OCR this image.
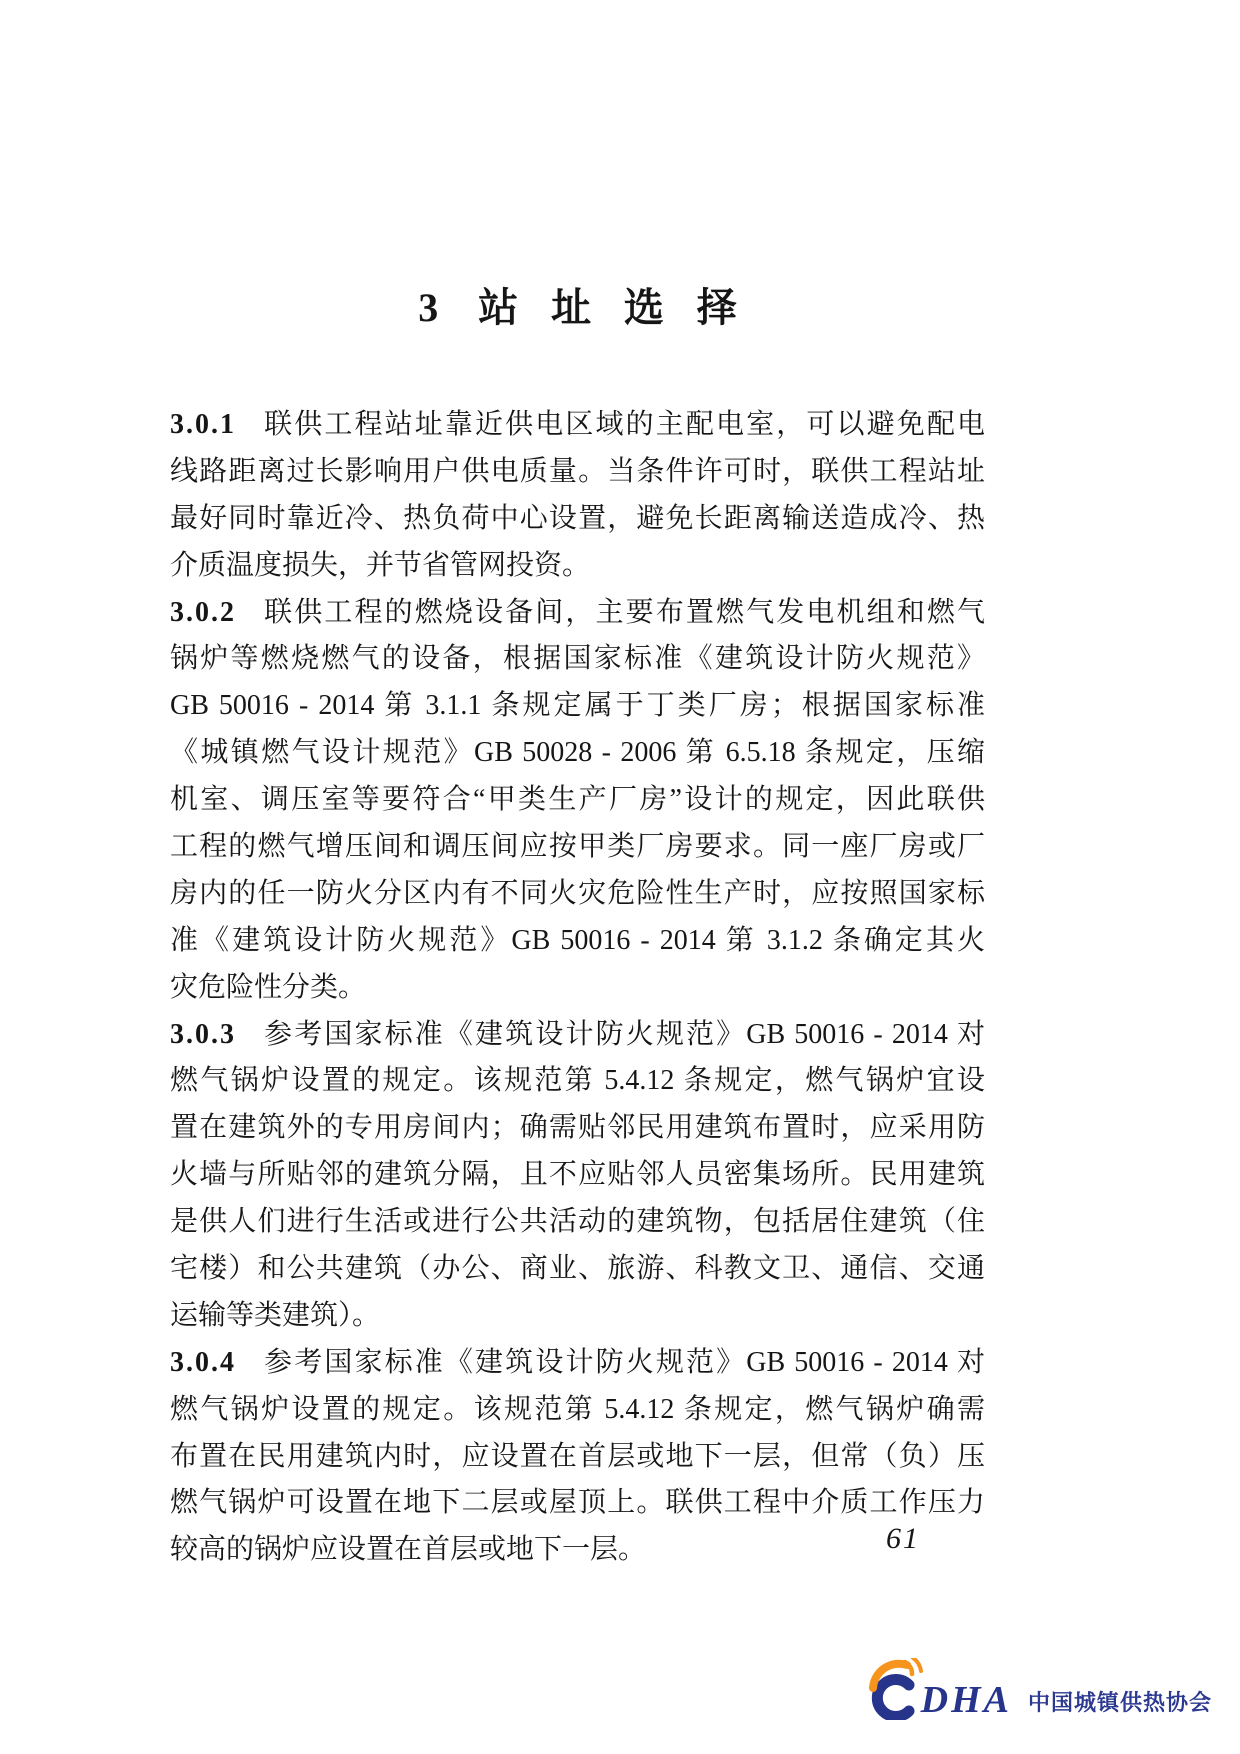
3 站址选择
3.0.1 联供工程站址靠近供电区域的主配电室，可以避免配电
线路距离过长影响用户供电质量。当条件许可时，联供工程站址
最好同时靠近冷、热负荷中心设置，避免长距离输送造成冷、热
介质温度损失，并节省管网投资。
3.0.2 联供工程的燃烧设备间，主要布置燃气发电机组和燃气
锅炉等燃烧燃气的设备，根据国家标准《建筑设计防火规范》
GB 50016 - 2014 第 3.1.1 条规定属于丁类厂房；根据国家标准
《城镇燃气设计规范》GB 50028 - 2006 第 6.5.18 条规定，压缩
机室、调压室等要符合“甲类生产厂房”设计的规定，因此联供
工程的燃气增压间和调压间应按甲类厂房要求。同一座厂房或厂
房内的任一防火分区内有不同火灾危险性生产时，应按照国家标
准《建筑设计防火规范》GB 50016 - 2014 第 3.1.2 条确定其火
灾危险性分类。
3.0.3 参考国家标准《建筑设计防火规范》GB 50016 - 2014 对
燃气锅炉设置的规定。该规范第 5.4.12 条规定，燃气锅炉宜设
置在建筑外的专用房间内；确需贴邻民用建筑布置时，应采用防
火墙与所贴邻的建筑分隔，且不应贴邻人员密集场所。民用建筑
是供人们进行生活或进行公共活动的建筑物，包括居住建筑（住
宅楼）和公共建筑（办公、商业、旅游、科教文卫、通信、交通
运输等类建筑）。
3.0.4 参考国家标准《建筑设计防火规范》GB 50016 - 2014 对
燃气锅炉设置的规定。该规范第 5.4.12 条规定，燃气锅炉确需
布置在民用建筑内时，应设置在首层或地下一层，但常（负）压
燃气锅炉可设置在地下二层或屋顶上。联供工程中介质工作压力
较高的锅炉应设置在首层或地下一层。	61
DHA 中国城镇供热协会
